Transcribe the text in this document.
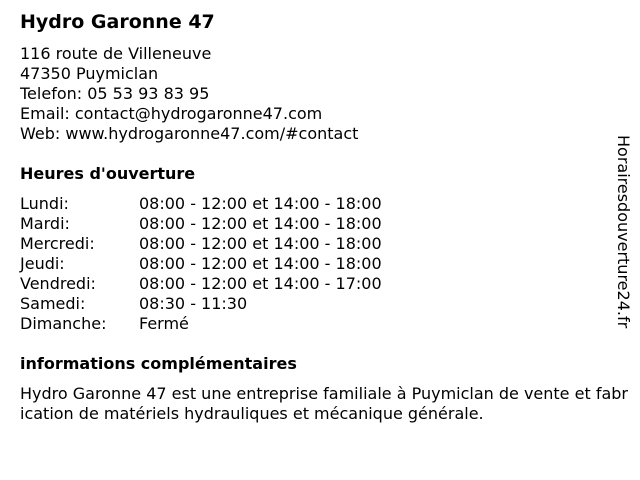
Hydro Garonne 47
116 route de Villeneuve
47350 Puymiclan
Telefon: 05 53 93 83 95
Email: contact@hydrogaronne47.com
Web: www.hydrogaronne47.com/#contact
Heures d'ouverture
Lundi:	08:00 - 12:00 et 14:00 - 18:00
Mardi:	08:00 - 12:00 et 14:00 - 18:00
Mercredi:	08:00 - 12:00 et 14:00 - 18:00
Jeudi:	08:00 - 12:00 et 14:00 - 18:00
Vendredi:	08:00 - 12:00 et 14:00 - 17:00
Samedi:	08:30 - 11:30
Dimanche:	Fermé
informations complémentaires
Hydro Garonne 47 est une entreprise familiale à Puymiclan de vente et fabrication de matériels hydrauliques et mécanique générale.
Horairesdouverture24.fr
